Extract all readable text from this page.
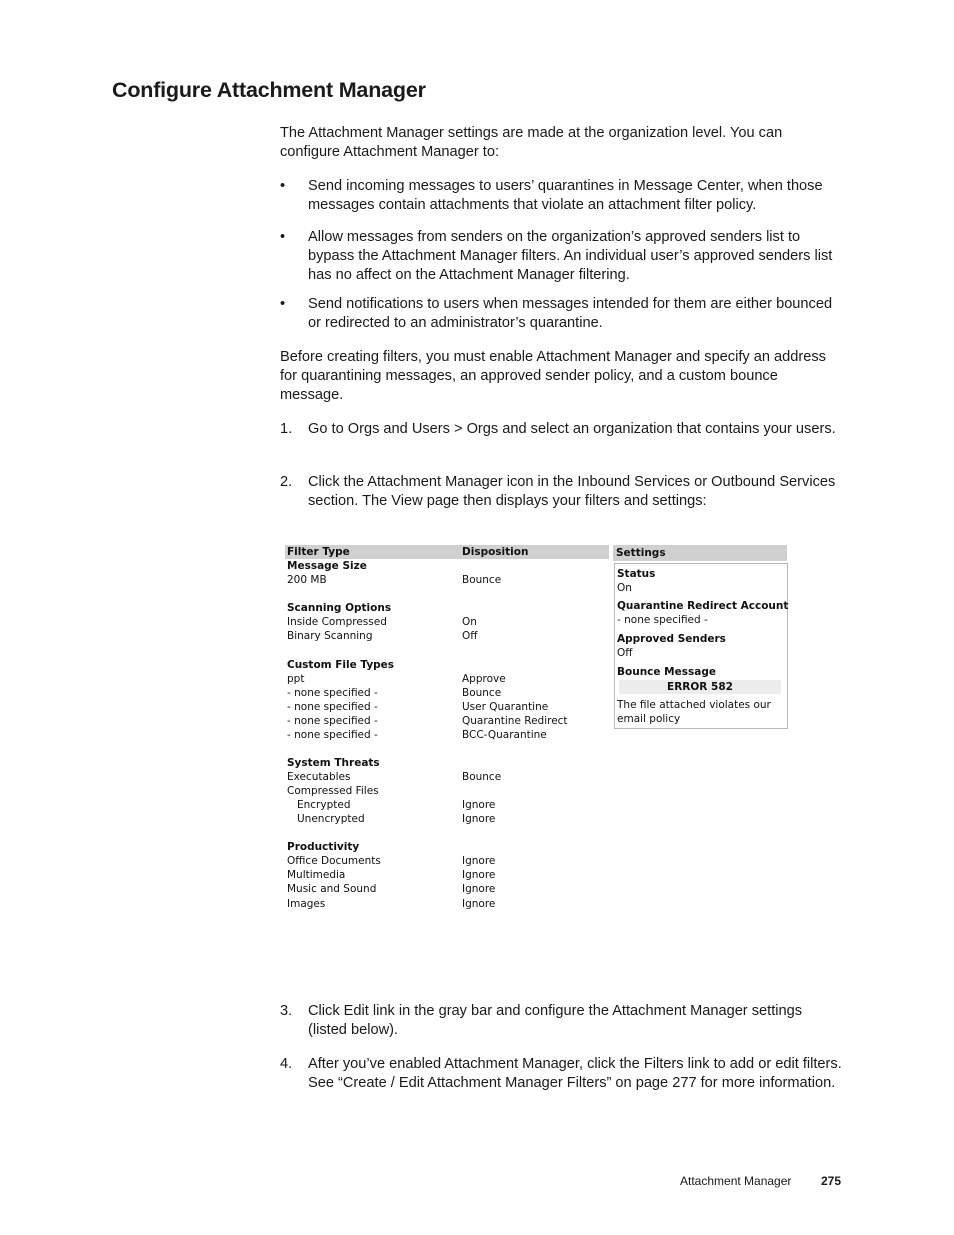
Configure Attachment Manager

The Attachment Manager settings are made at the organization level. You can configure Attachment Manager to:

• Send incoming messages to users’ quarantines in Message Center, when those messages contain attachments that violate an attachment filter policy.
• Allow messages from senders on the organization’s approved senders list to bypass the Attachment Manager filters. An individual user’s approved senders list has no affect on the Attachment Manager filtering.
• Send notifications to users when messages intended for them are either bounced or redirected to an administrator’s quarantine.

Before creating filters, you must enable Attachment Manager and specify an address for quarantining messages, an approved sender policy, and a custom bounce message.

1. Go to Orgs and Users > Orgs and select an organization that contains your users.
2. Click the Attachment Manager icon in the Inbound Services or Outbound Services section. The View page then displays your filters and settings:
Filter Type	Disposition
Message Size
200 MB	Bounce
Scanning Options
Inside Compressed	On
Binary Scanning	Off
Custom File Types
ppt	Approve
- none specified -	Bounce
- none specified -	User Quarantine
- none specified -	Quarantine Redirect
- none specified -	BCC-Quarantine
System Threats
Executables	Bounce
Compressed Files
Encrypted	Ignore
Unencrypted	Ignore
Productivity
Office Documents	Ignore
Multimedia	Ignore
Music and Sound	Ignore
Images	Ignore
Settings
Status
On
Quarantine Redirect Account
- none specified -
Approved Senders
Off
Bounce Message
ERROR 582
The file attached violates our
email policy
3. Click Edit link in the gray bar and configure the Attachment Manager settings (listed below).
4. After you’ve enabled Attachment Manager, click the Filters link to add or edit filters. See “Create / Edit Attachment Manager Filters” on page 277 for more information.
Attachment Manager 275
